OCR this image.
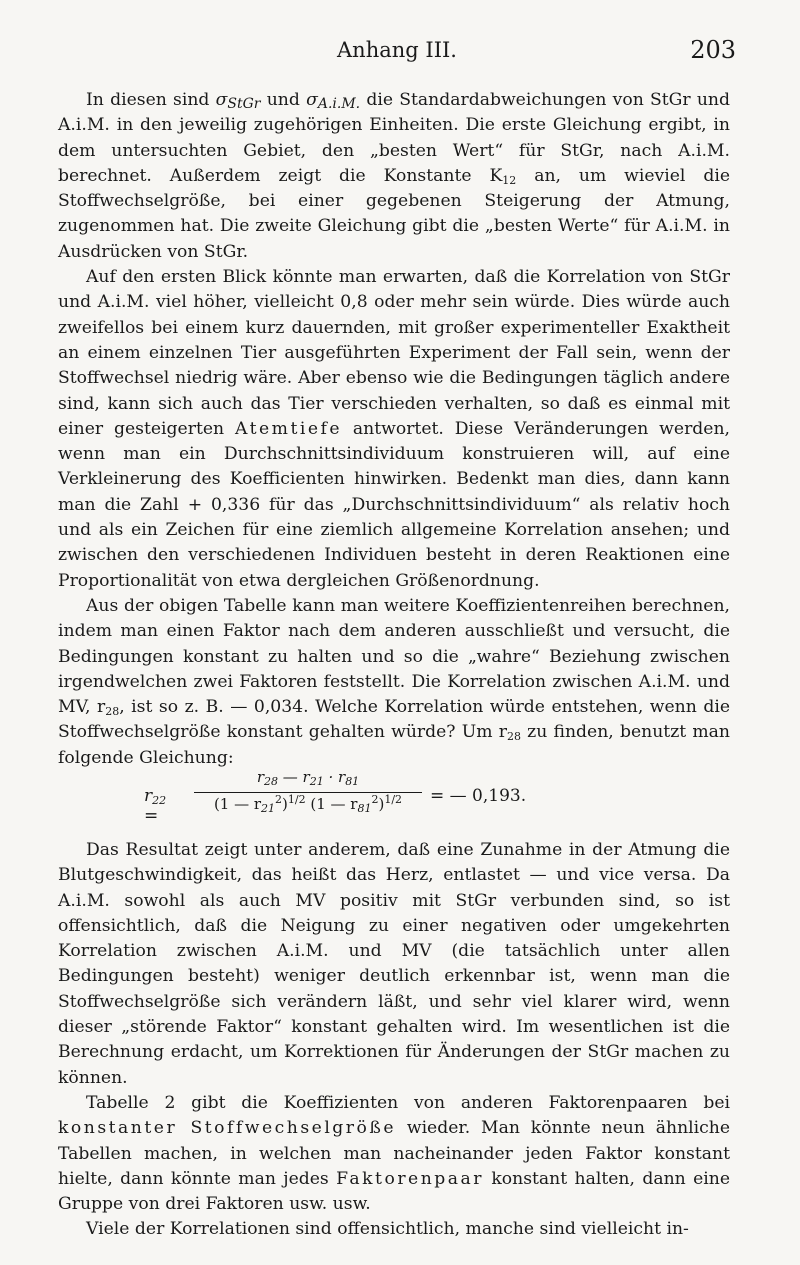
Anhang III.	203

In diesen sind $\sigma_{StGr}$ und $\sigma_{A.i.M.}$ die Standardabweichungen von StGr und A.i.M. in den jeweilig zugehörigen Einheiten. Die erste Gleichung ergibt, in dem untersuchten Gebiet, den „besten Wert“ für StGr, nach A.i.M. berechnet. Außerdem zeigt die Konstante $K_{12}$ an, um wieviel die Stoffwechselgröße, bei einer gegebenen Steigerung der Atmung, zugenommen hat. Die zweite Gleichung gibt die „besten Werte“ für A.i.M. in Ausdrücken von StGr.

Auf den ersten Blick könnte man erwarten, daß die Korrelation von StGr und A.i.M. viel höher, vielleicht 0,8 oder mehr sein würde. Dies würde auch zweifellos bei einem kurz dauernden, mit großer experimenteller Exaktheit an einem einzelnen Tier ausgeführten Experiment der Fall sein, wenn der Stoffwechsel niedrig wäre. Aber ebenso wie die Bedingungen täglich andere sind, kann sich auch das Tier verschieden verhalten, so daß es einmal mit einer gesteigerten Atemtiefe antwortet. Diese Veränderungen werden, wenn man ein Durchschnittsindividuum konstruieren will, auf eine Verkleinerung des Koefficienten hinwirken. Bedenkt man dies, dann kann man die Zahl + 0,336 für das „Durchschnittsindividuum“ als relativ hoch und als ein Zeichen für eine ziemlich allgemeine Korrelation ansehen; und zwischen den verschiedenen Individuen besteht in deren Reaktionen eine Proportionalität von etwa dergleichen Größenordnung.

Aus der obigen Tabelle kann man weitere Koeffizientenreihen berechnen, indem man einen Faktor nach dem anderen ausschließt und versucht, die Bedingungen konstant zu halten und so die „wahre“ Beziehung zwischen irgendwelchen zwei Faktoren feststellt. Die Korrelation zwischen A.i.M. und MV, $r_{28}$, ist so z. B. — 0,034. Welche Korrelation würde entstehen, wenn die Stoffwechselgröße konstant gehalten würde? Um $r_{28}$ zu finden, benutzt man folgende Gleichung:

$r_{22}$ =
$r_{28}$ — $r_{21} \cdot r_{81}$
(1 — $r_{21}^2)^{1/2}$ (1 — $r_{81}^2)^{1/2}$	= — 0,193.

Das Resultat zeigt unter anderem, daß eine Zunahme in der Atmung die Blutgeschwindigkeit, das heißt das Herz, entlastet — und vice versa. Da A.i.M. sowohl als auch MV positiv mit StGr verbunden sind, so ist offensichtlich, daß die Neigung zu einer negativen oder umgekehrten Korrelation zwischen A.i.M. und MV (die tatsächlich unter allen Bedingungen besteht) weniger deutlich erkennbar ist, wenn man die Stoffwechselgröße sich verändern läßt, und sehr viel klarer wird, wenn dieser „störende Faktor“ konstant gehalten wird. Im wesentlichen ist die Berechnung erdacht, um Korrektionen für Änderungen der StGr machen zu können.

Tabelle 2 gibt die Koeffizienten von anderen Faktorenpaaren bei konstanter Stoffwechselgröße wieder. Man könnte neun ähnliche Tabellen machen, in welchen man nacheinander jeden Faktor konstant hielte, dann könnte man jedes Faktorenpaar konstant halten, dann eine Gruppe von drei Faktoren usw. usw.

Viele der Korrelationen sind offensichtlich, manche sind vielleicht in-
